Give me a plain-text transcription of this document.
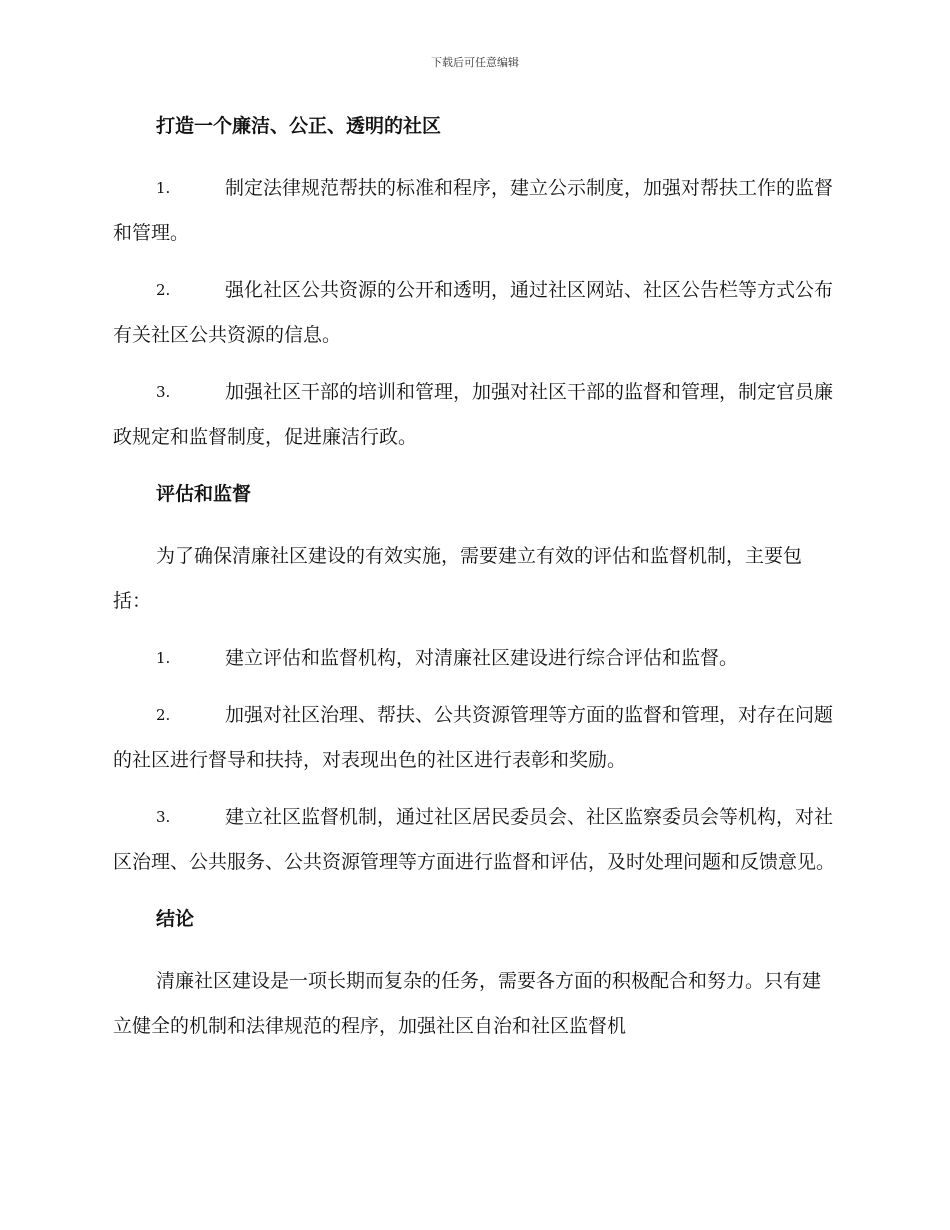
下载后可任意编辑
打造一个廉洁、公正、透明的社区
1.	制定法律规范帮扶的标准和程序，建立公示制度，加强对帮扶工作的监督和管理。
2.	强化社区公共资源的公开和透明，通过社区网站、社区公告栏等方式公布有关社区公共资源的信息。
3.	加强社区干部的培训和管理，加强对社区干部的监督和管理，制定官员廉政规定和监督制度，促进廉洁行政。
评估和监督
为了确保清廉社区建设的有效实施，需要建立有效的评估和监督机制，主要包括：
1.	建立评估和监督机构，对清廉社区建设进行综合评估和监督。
2.	加强对社区治理、帮扶、公共资源管理等方面的监督和管理，对存在问题的社区进行督导和扶持，对表现出色的社区进行表彰和奖励。
3.	建立社区监督机制，通过社区居民委员会、社区监察委员会等机构，对社区治理、公共服务、公共资源管理等方面进行监督和评估，及时处理问题和反馈意见。
结论
清廉社区建设是一项长期而复杂的任务，需要各方面的积极配合和努力。只有建立健全的机制和法律规范的程序，加强社区自治和社区监督机
